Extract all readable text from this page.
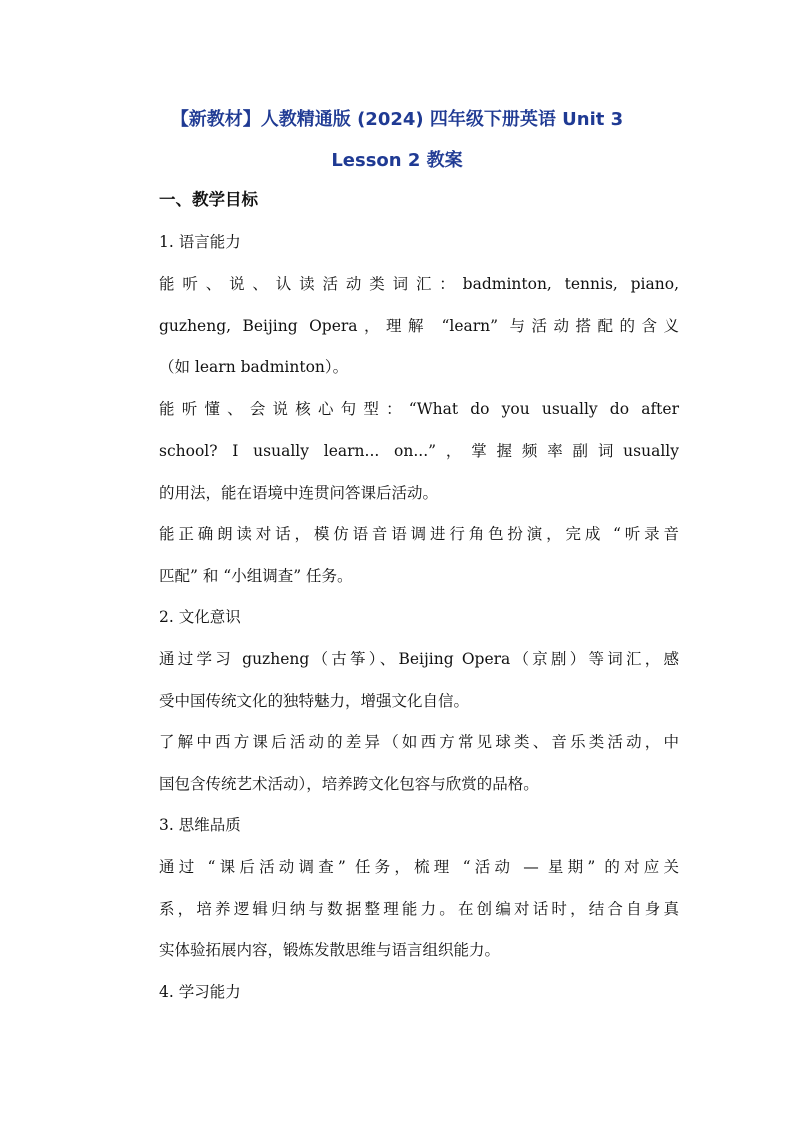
【新教材】人教精通版 (2024) 四年级下册英语 Unit 3
Lesson 2 教案
一、教学目标
1. 语言能力
能听、说、认读活动类词汇：badminton, tennis, piano,
guzheng, Beijing Opera，理解 “learn” 与活动搭配的含义
（如 learn badminton）。
能听懂、会说核心句型：“What do you usually do after
school? I usually learn... on...”，掌握频率副词usually
的用法，能在语境中连贯问答课后活动。
能正确朗读对话，模仿语音语调进行角色扮演，完成 “听录音
匹配” 和 “小组调查” 任务。
2. 文化意识
通过学习 guzheng（古筝）、Beijing Opera（京剧）等词汇，感
受中国传统文化的独特魅力，增强文化自信。
了解中西方课后活动的差异（如西方常见球类、音乐类活动，中
国包含传统艺术活动），培养跨文化包容与欣赏的品格。
3. 思维品质
通过 “课后活动调查” 任务，梳理 “活动 — 星期” 的对应关
系，培养逻辑归纳与数据整理能力。在创编对话时，结合自身真
实体验拓展内容，锻炼发散思维与语言组织能力。
4. 学习能力
